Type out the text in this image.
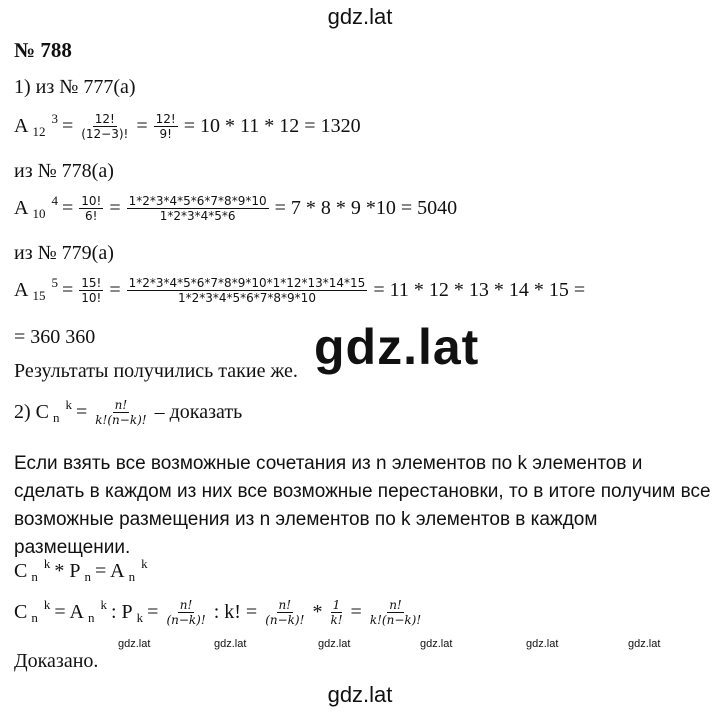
gdz.lat
gdz.lat
gdz.lat
gdz.lat	gdz.lat	gdz.lat	gdz.lat	gdz.lat	gdz.lat
№ 788
1) из № 777(а)
A 12
$3 = \frac{12!}{(12-3)!} = \frac{12!}{9!} = 10 * 11 * 12 = 1320$
из № 778(а)
A 10
$4 = \frac{10!}{6!} = \frac{1*2*3*4*5*6*7*8*9*10}{1*2*3*4*5*6} = 7 * 8 * 9$ *10 = 5040
из № 779(а)
A 15
$5 = \frac{15!}{10!} = \frac{1*2*3*4*5*6*7*8*9*10*1*12*13*14*15}{1*2*3*4*5*6*7*8*9*10} = 11 * 12 * 13 * 14 * 15$ =
= 360 360
Результаты получились такие же.
2) C n
$k = \frac{n!}{k!(n-k)!}$ – доказать
Если взять все возможные сочетания из n элементов по k элементов и сделать в каждом из них все возможные перестановки, то в итоге получим все возможные размещения из n элементов по k элементов в каждом размещении.
C n
k * P n = A n
k
C n
k = A n
k : P $k = \frac{n!}{(n-k)!}$ : k! = $\frac{n!}{(n-k)!} * \frac{1}{k!} = \frac{n!}{k!(n-k)!}$
Доказано.
